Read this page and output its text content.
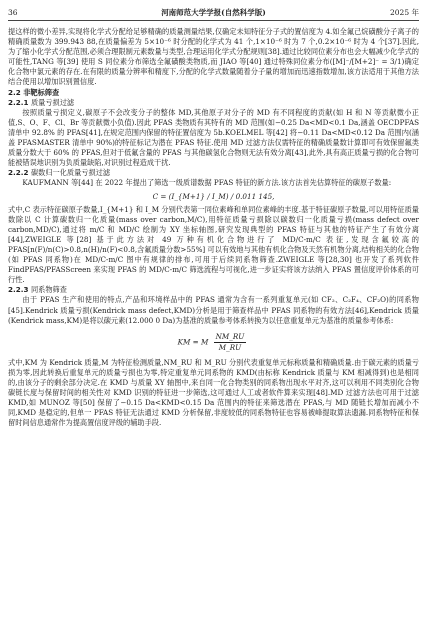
36	河南师范大学学报(自然科学版)	2025 年

提这样的微小差异,实现将化学式分配给足够精确的质量测量结果,仅确定未知特征分子式的置信度为 4.如全氟己烷磺酸分子离子的精确质量数为 399.943 88,在质量偏差为 5×10⁻⁶ 时分配的化学式为 41 个,1×10⁻⁶ 时为 7 个,0.2×10⁻⁶ 时为 4 个[37].因此,为了缩小化学式分配范围,必须合理限制元素数量与类型,合理运用化学式分配规则[38].通过比较同位素分布也会大幅减少化学式的可能性,TANG 等[39] 使用 S 同位素分布筛选全氟磺酸类物质,而 JIAO 等[40] 通过特殊同位素分布([M]⁻/[M+2]⁻ = 3/1)确定化合物中氯元素的存在.在有限的质量分辨率和精度下,分配的化学式数量随着分子量的增加而迅速指数增加,该方法适用于其他方法结合使用以增加识别置信度.

2.2 非靶标筛查

2.2.1 质量亏损过滤

按照质量亏损定义,碳原子不会改变分子的整体 MD,其他原子对分子的 MD 有不同程度的贡献(如 H 和 N 等贡献微小正值,S、O、F、Cl、Br 等贡献微小负值).因此 PFAS 类物质有其特有的 MD 范围(如−0.25 Da<MD<0.1 Da,涵盖 OECDPFAS 清单中 92.8% 的 PFAS[41],在规定范围内保留的特征置信度为 5b.KOELMEL 等[42] 将−0.11 Da<MD<0.12 Da 范围内(涵盖 PFASMASTER 清单中 90%)的特征标记为潜在 PFAS 特征.使用 MD 过滤方法仅需特征的精确质量数计算即可有效保留氟类质量分数大于 60% 的 PFAS,但对于低氟含量的 PFAS 与其他碳氢化合物则无法有效分离[43],此外,具有高正质量亏损的化合物可能被错误地识别为负质量缺陷,对识别过程造成干扰.

2.2.2 碳数归一化质量亏损过滤

KAUFMANN 等[44] 在 2022 年提出了筛选一级质谱数据 PFAS 特征的新方法.该方法首先估算特征的碳原子数量:

C = (I_{M+1} / I_M) / 0.011 145,

式中,C 表示特征碳原子数量,I_{M+1} 和 I_M 分别代表第一同位素峰和单同位素峰的丰度.基于特征碳原子数量,可以用特征质量数除以 C 计算碳数归一化质量(mass over carbon,M/C),用特征质量亏损除以碳数归一化质量亏损(mass defect over carbon,MD/C),通过将 m/C 和 MD/C 绘制为 XY 坐标轴图,研究发现典型的 PFAS 特征与其他的特征产生了有效分离[44],ZWEIGLE 等[28] 基于此方法对 49 万种有机化合物进行了 MD/C-m/C 表征,发现含氟较高的 PFAS[n(F)/n(C)>0.8,n(H)/n(F)<0.8,含氟质量分数>55%] 可以有效地与其他有机化合物及天然有机物分离,结构相关的化合物(如 PFAS 同系物)在 MD/C-m/C 图中有规律的排布,可用于后续同系物筛查.ZWEIGLE 等[28,30] 也开发了系列软件 FindPFAS/PFASScreen 来实现 PFAS 的 MD/C-m/C 筛选流程与可视化,进一步证实将该方法纳入 PFAS 置信度评价体系的可行性.

2.2.3 同系物筛查

由于 PFAS 生产和使用的特点,产品和环境样品中的 PFAS 通常为含有一系列重复单元(如 CF₂、C₂F₄、CF₂O)的同系物[45].Kendrick 质量亏损(Kendrick mass defect,KMD)分析是用于筛查样品中 PFAS 同系物的有效方法[46],Kendrick 质量(Kendrick mass,KM)是将以碳元素(12.000 0 Da)为基准的质量参考体系转换为以任意重复单元为基准的质量参考体系:

KM = M $\frac{NM\_RU}{M\_RU}$

式中,KM 为 Kendrick 质量,M 为特征检测质量,NM_RU 和 M_RU 分别代表重复单元标称质量和精确质量.由于碳元素的质量亏损为零,因此转换后重复单元的质量亏损也为零,特定重复单元同系物的 KMD(由标称 Kendrick 质量与 KM 相减得到)也是相同的,由该分子的剩余部分决定.在 KMD 与质量 XY 轴图中,来自同一化合物类别的同系物出现水平对齐,这可以利用不同类别化合物碳链长度与保留时间的相关性对 KMD 识别的特征进一步筛选,这可通过人工或者软件算来实现[48].MD 过滤方法也可用于过滤 KMD,如 MUNOZ 等[50] 保留了−0.15 Da<KMD<0.15 Da 范围内的特征来筛选潜在 PFAS,与 MD 随链长增加而减小不同,KMD 是稳定的,但单一 PFAS 特征无法通过 KMD 分析保留,非度较低的同系物特征也容易被峰提取算法遗漏.同系物特征和保留时间信息通常作为提高置信度评级的辅助手段.
